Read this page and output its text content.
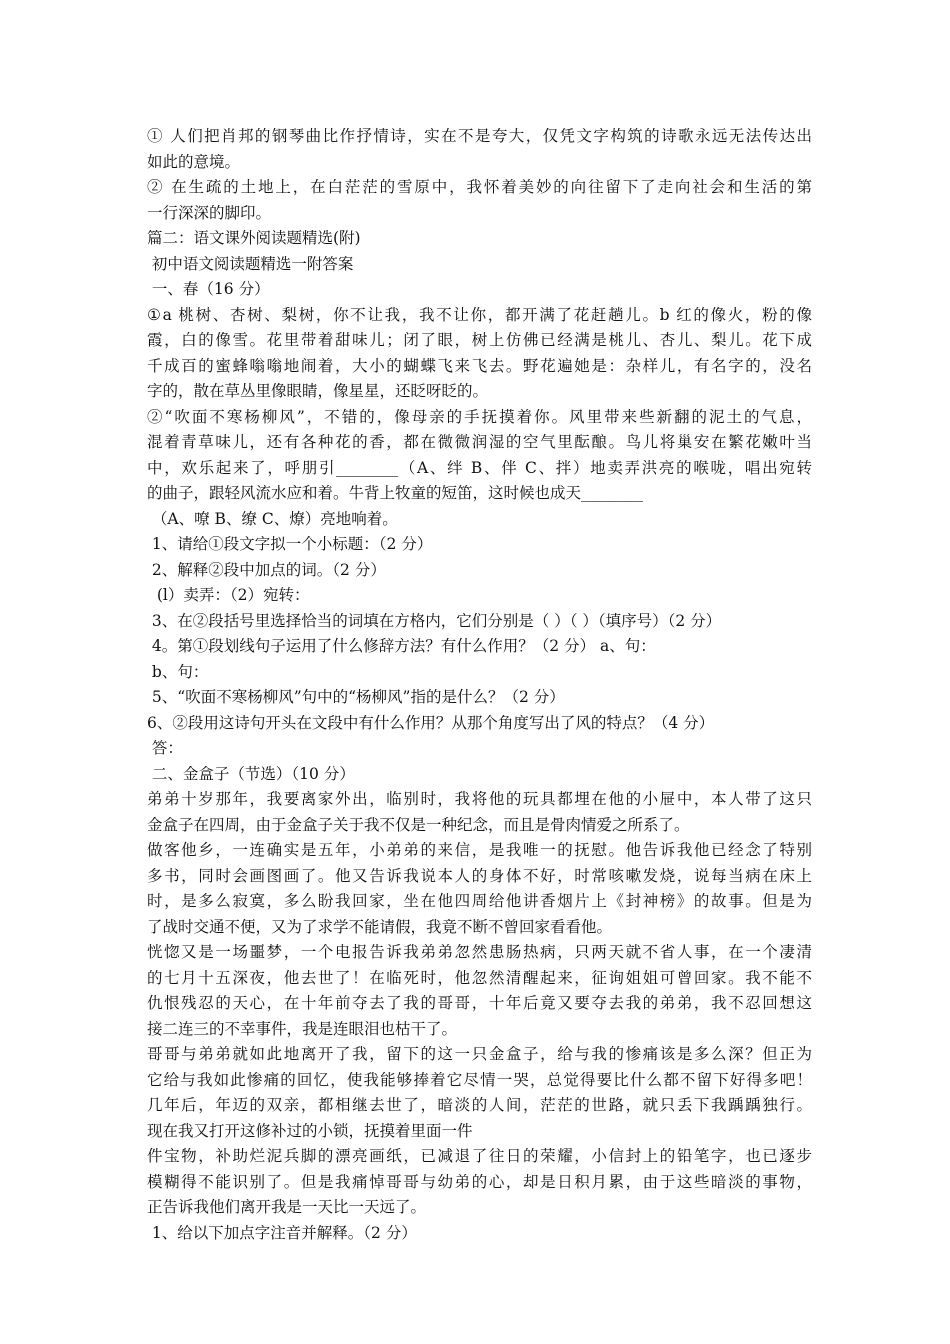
① 人们把肖邦的钢琴曲比作抒情诗，实在不是夸大，仅凭文字构筑的诗歌永远无法传达出
如此的意境。
② 在生疏的土地上，在白茫茫的雪原中，我怀着美妙的向往留下了走向社会和生活的第
一行深深的脚印。
篇二：语文课外阅读题精选(附)
初中语文阅读题精选一附答案
一、春（16 分）
①a 桃树、杏树、梨树，你不让我，我不让你，都开满了花赶趟儿。b 红的像火，粉的像
霞，白的像雪。花里带着甜味儿；闭了眼，树上仿佛已经满是桃儿、杏儿、梨儿。花下成
千成百的蜜蜂嗡嗡地闹着，大小的蝴蝶飞来飞去。野花遍她是：杂样儿，有名字的，没名
字的，散在草丛里像眼睛，像星星，还眨呀眨的。
②“吹面不寒杨柳风”，不错的，像母亲的手抚摸着你。风里带来些新翻的泥土的气息，
混着青草味儿，还有各种花的香，都在微微润湿的空气里酝酿。鸟儿将巢安在繁花嫩叶当
中，欢乐起来了，呼朋引________（A、绊 B、伴 C、拌）地卖弄洪亮的喉咙，唱出宛转
的曲子，跟轻风流水应和着。牛背上牧童的短笛，这时候也成天________
（A、嘹 B、缭 C、燎）亮地响着。
1、请给①段文字拟一个小标题：（2 分）
2、解释②段中加点的词。（2 分）
(l）卖弄：（2）宛转：
3、在②段括号里选择恰当的词填在方格内，它们分别是（ ）（ ）（填序号）（2 分）
4。第①段划线句子运用了什么修辞方法？有什么作用？（2 分） a、句：
b、句：
5、“吹面不寒杨柳风”句中的“杨柳风”指的是什么？（2 分）
6、②段用这诗句开头在文段中有什么作用？从那个角度写出了风的特点？（4 分）
答：
二、金盒子（节选）（10 分）
弟弟十岁那年，我要离家外出，临别时，我将他的玩具都埋在他的小屉中，本人带了这只
金盒子在四周，由于金盒子关于我不仅是一种纪念，而且是骨肉情爱之所系了。
做客他乡，一连确实是五年，小弟弟的来信，是我唯一的抚慰。他告诉我他已经念了特别
多书，同时会画图画了。他又告诉我说本人的身体不好，时常咳嗽发烧，说每当病在床上
时，是多么寂寞，多么盼我回家，坐在他四周给他讲香烟片上《封神榜》的故事。但是为
了战时交通不便，又为了求学不能请假，我竟不断不曾回家看看他。
恍惚又是一场噩梦，一个电报告诉我弟弟忽然患肠热病，只两天就不省人事，在一个凄清
的七月十五深夜，他去世了！在临死时，他忽然清醒起来，征询姐姐可曾回家。我不能不
仇恨残忍的天心，在十年前夺去了我的哥哥，十年后竟又要夺去我的弟弟，我不忍回想这
接二连三的不幸事件，我是连眼泪也枯干了。
哥哥与弟弟就如此地离开了我，留下的这一只金盒子，给与我的惨痛该是多么深？但正为
它给与我如此惨痛的回忆，使我能够捧着它尽情一哭，总觉得要比什么都不留下好得多吧！
几年后，年迈的双亲，都相继去世了，暗淡的人间，茫茫的世路，就只丢下我踽踽独行。
现在我又打开这修补过的小锁，抚摸着里面一件
件宝物，补助烂泥兵脚的漂亮画纸，已减退了往日的荣耀，小信封上的铅笔字，也已逐步
模糊得不能识别了。但是我痛悼哥哥与幼弟的心，却是日积月累，由于这些暗淡的事物，
正告诉我他们离开我是一天比一天远了。
1、给以下加点字注音并解释。（2 分）
